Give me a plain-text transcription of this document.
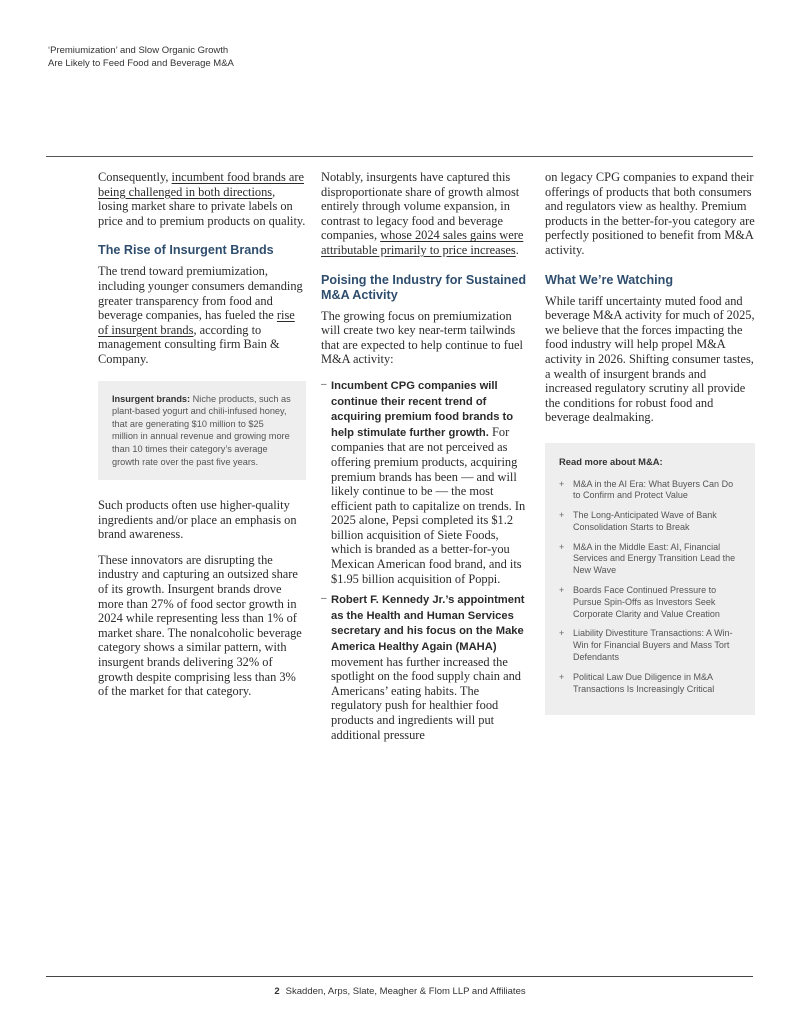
‘Premiumization’ and Slow Organic Growth
Are Likely to Feed Food and Beverage M&A

Consequently, incumbent food brands are being challenged in both directions, losing market share to private labels on price and to premium products on quality.

The Rise of Insurgent Brands

The trend toward premiumization, including younger consumers demanding greater transparency from food and beverage companies, has fueled the rise of insurgent brands, according to management consulting firm Bain & Company.

Insurgent brands: Niche products, such as plant-based yogurt and chili-infused honey, that are generating $10 million to $25 million in annual revenue and growing more than 10 times their category’s average growth rate over the past five years.

Such products often use higher-quality ingredients and/or place an emphasis on brand awareness.

These innovators are disrupting the industry and capturing an outsized share of its growth. Insurgent brands drove more than 27% of food sector growth in 2024 while representing less than 1% of market share. The nonalcoholic beverage category shows a similar pattern, with insurgent brands delivering 32% of growth despite comprising less than 3% of the market for that category.

Notably, insurgents have captured this disproportionate share of growth almost entirely through volume expansion, in contrast to legacy food and beverage companies, whose 2024 sales gains were attributable primarily to price increases.

Poising the Industry for Sustained M&A Activity

The growing focus on premiumization will create two key near-term tailwinds that are expected to help continue to fuel M&A activity:

– Incumbent CPG companies will continue their recent trend of acquiring premium food brands to help stimulate further growth. For companies that are not perceived as offering premium products, acquiring premium brands has been — and will likely continue to be — the most efficient path to capitalize on trends. In 2025 alone, Pepsi completed its $1.2 billion acquisition of Siete Foods, which is branded as a better-for-you Mexican American food brand, and its $1.95 billion acquisition of Poppi.
– Robert F. Kennedy Jr.’s appointment as the Health and Human Services secretary and his focus on the Make America Healthy Again (MAHA) movement has further increased the spotlight on the food supply chain and Americans’ eating habits. The regulatory push for healthier food products and ingredients will put additional pressure

on legacy CPG companies to expand their offerings of products that both consumers and regulators view as healthy. Premium products in the better-for-you category are perfectly positioned to benefit from M&A activity.

What We’re Watching

While tariff uncertainty muted food and beverage M&A activity for much of 2025, we believe that the forces impacting the food industry will help propel M&A activity in 2026. Shifting consumer tastes, a wealth of insurgent brands and increased regulatory scrutiny all provide the conditions for robust food and beverage dealmaking.

Read more about M&A:
+ M&A in the AI Era: What Buyers Can Do to Confirm and Protect Value
+ The Long-Anticipated Wave of Bank Consolidation Starts to Break
+ M&A in the Middle East: AI, Financial Services and Energy Transition Lead the New Wave
+ Boards Face Continued Pressure to Pursue Spin-Offs as Investors Seek Corporate Clarity and Value Creation
+ Liability Divestiture Transactions: A Win-Win for Financial Buyers and Mass Tort Defendants
+ Political Law Due Diligence in M&A Transactions Is Increasingly Critical
2 Skadden, Arps, Slate, Meagher & Flom LLP and Affiliates
